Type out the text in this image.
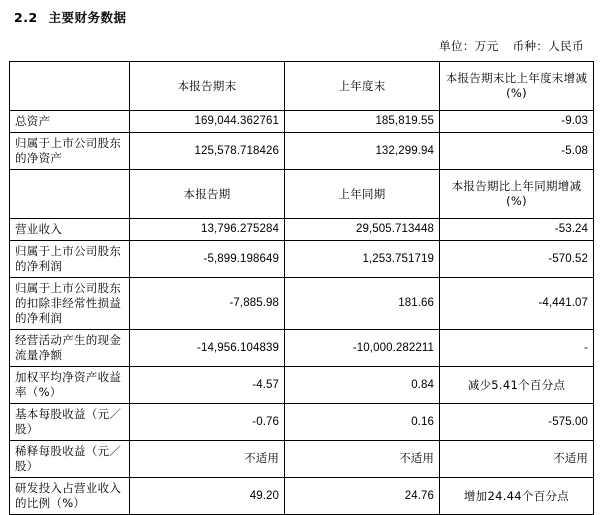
2.2 主要财务数据
单位：万元 币种：人民币
	本报告期末	上年度末	本报告期末比上年度末增减(%)
总资产	169,044.362761	185,819.55	-9.03
归属于上市公司股东的净资产	125,578.718426	132,299.94	-5.08
	本报告期	上年同期	本报告期比上年同期增减(%)
营业收入	13,796.275284	29,505.713448	-53.24
归属于上市公司股东的净利润	-5,899.198649	1,253.751719	-570.52
归属于上市公司股东的扣除非经常性损益的净利润	-7,885.98	181.66	-4,441.07
经营活动产生的现金流量净额	-14,956.104839	-10,000.282211	-
加权平均净资产收益率（%）	-4.57	0.84	减少5.41个百分点
基本每股收益（元／股）	-0.76	0.16	-575.00
稀释每股收益（元／股）	不适用	不适用	不适用
研发投入占营业收入的比例（%）	49.20	24.76	增加24.44个百分点
